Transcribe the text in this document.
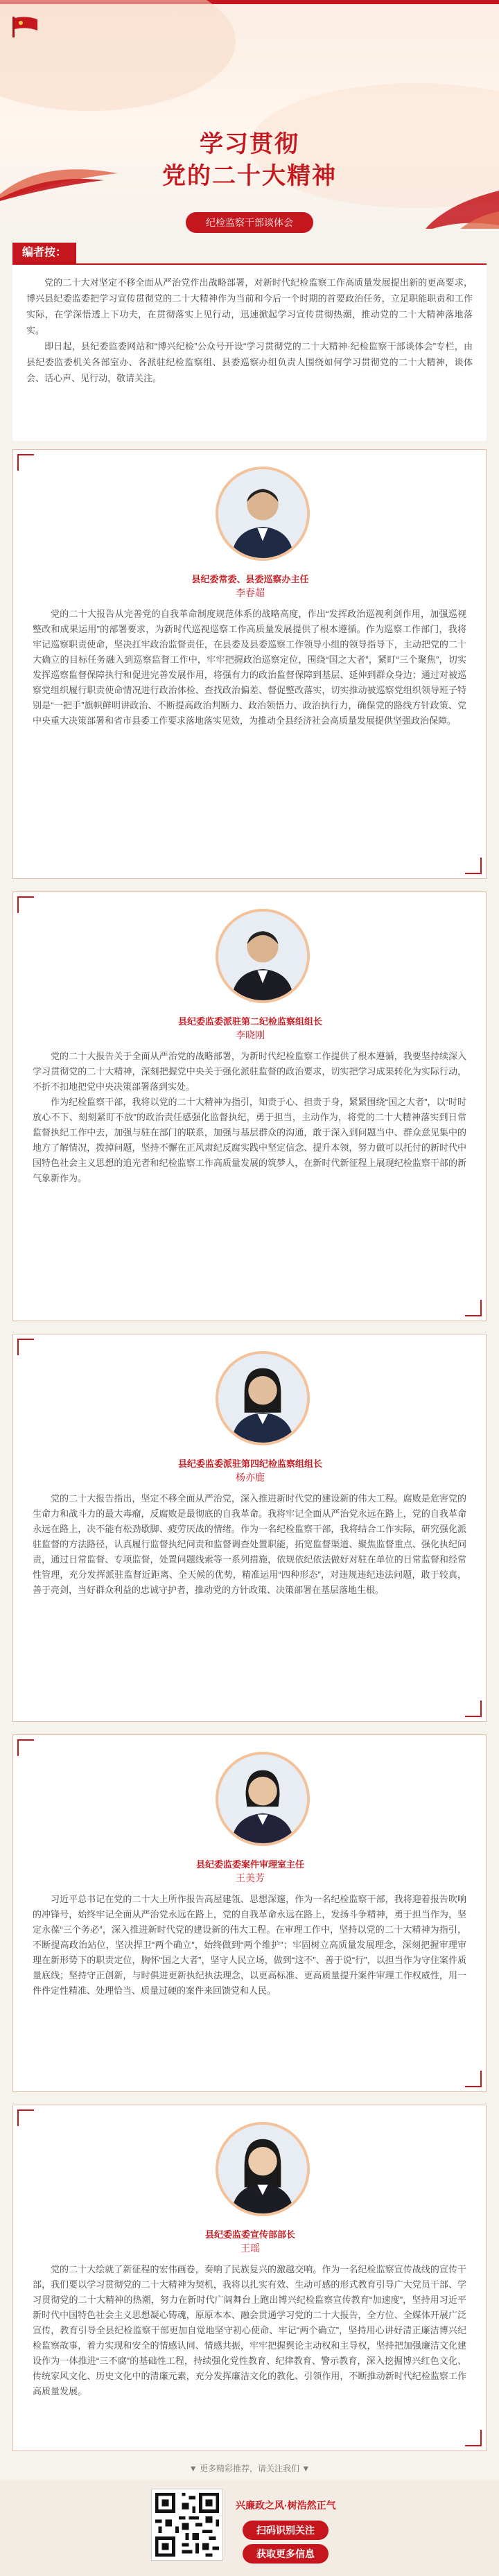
学习贯彻
党的二十大精神
纪检监察干部谈体会
编者按：

党的二十大对坚定不移全面从严治党作出战略部署，对新时代纪检监察工作高质量发展提出新的更高要求，博兴县纪委监委把学习宣传贯彻党的二十大精神作为当前和今后一个时期的首要政治任务，立足职能职责和工作实际，在学深悟透上下功夫，在贯彻落实上见行动，迅速掀起学习宣传贯彻热潮，推动党的二十大精神落地落实。

即日起，县纪委监委网站和“博兴纪检”公众号开设“学习贯彻党的二十大精神·纪检监察干部谈体会”专栏，由县纪委监委机关各部室办、各派驻纪检监察组、县委巡察办组负责人围绕如何学习贯彻党的二十大精神，谈体会、话心声、见行动，敬请关注。

县纪委常委、县委巡察办主任
李春超

党的二十大报告从完善党的自我革命制度规范体系的战略高度，作出“发挥政治巡视利剑作用，加强巡视整改和成果运用”的部署要求，为新时代巡视巡察工作高质量发展提供了根本遵循。作为巡察工作部门，我将牢记巡察职责使命，坚决扛牢政治监督责任，在县委及县委巡察工作领导小组的领导指导下，主动把党的二十大确立的目标任务融入到巡察监督工作中，牢牢把握政治巡察定位，围绕“国之大者”，紧盯“三个聚焦”，切实发挥巡察监督保障执行和促进完善发展作用，将强有力的政治监督保障到基层、延伸到群众身边；通过对被巡察党组织履行职责使命情况进行政治体检、查找政治偏差、督促整改落实，切实推动被巡察党组织领导班子特别是“一把手”旗帜鲜明讲政治、不断提高政治判断力、政治领悟力、政治执行力，确保党的路线方针政策、党中央重大决策部署和省市县委工作要求落地落实见效，为推动全县经济社会高质量发展提供坚强政治保障。

县纪委监委派驻第二纪检监察组组长
李晓刚

党的二十大报告关于全面从严治党的战略部署，为新时代纪检监察工作提供了根本遵循，我要坚持续深入学习贯彻党的二十大精神，深刻把握党中央关于强化派驻监督的政治要求，切实把学习成果转化为实际行动，不折不扣地把党中央决策部署落到实处。

作为纪检监察干部，我将以党的二十大精神为指引，知责于心、担责于身，紧紧围绕“国之大者”，以“时时放心不下、刻刻紧盯不放”的政治责任感强化监督执纪，勇于担当，主动作为，将党的二十大精神落实到日常监督执纪工作中去，加强与驻在部门的联系，加强与基层群众的沟通，敢于深入到问题当中、群众意见集中的地方了解情况，拨掉问题，坚持不懈在正风肃纪反腐实践中坚定信念、提升本领，努力做可以托付的新时代中国特色社会主义思想的追光者和纪检监察工作高质量发展的筑梦人，在新时代新征程上展现纪检监察干部的新气象新作为。

县纪委监委派驻第四纪检监察组组长
杨亦鹿

党的二十大报告指出，坚定不移全面从严治党，深入推进新时代党的建设新的伟大工程。腐败是危害党的生命力和战斗力的最大毒瘤，反腐败是最彻底的自我革命。我将牢记全面从严治党永远在路上，党的自我革命永远在路上，决不能有松劲歇脚、疲劳厌战的情绪。作为一名纪检监察干部，我将结合工作实际，研究强化派驻监督的方法路径，认真履行监督执纪问责和监督调查处置职能，拓宽监督渠道、聚焦监督重点、强化执纪问责，通过日常监督、专项监督，处置问题线索等一系列措施，依规依纪依法做好对驻在单位的日常监督和经常性管理，充分发挥派驻监督近距离、全天候的优势，精准运用“四种形态”，对违规违纪违法问题，敢于较真，善于亮剑，当好群众利益的忠诚守护者，推动党的方针政策、决策部署在基层落地生根。

县纪委监委案件审理室主任
王美芳

习近平总书记在党的二十大上所作报告高屋建瓴、思想深邃，作为一名纪检监察干部，我将迎着报告吹响的冲锋号，始终牢记全面从严治党永远在路上，党的自我革命永远在路上，发扬斗争精神，勇于担当作为，坚定永葆“三个务必”，深入推进新时代党的建设新的伟大工程。在审理工作中，坚持以党的二十大精神为指引，不断提高政治站位，坚决捍卫“两个确立”，始终做到“两个维护”；牢固树立高质量发展理念，深刻把握审理审理在新形势下的职责定位，胸怀“国之大者”，坚守人民立场，做到“这不”、善于说“行”，以担当作为守住案件质量底线；坚持守正创新，与时俱进更新执纪执法理念，以更高标准、更高质量提升案件审理工作权威性，用一件件定性精准、处理恰当、质量过硬的案件来回馈党和人民。

县纪委监委宣传部部长
王瑶

党的二十大绘就了新征程的宏伟画卷，奏响了民族复兴的激越交响。作为一名纪检监察宣传战线的宣传干部，我们要以学习贯彻党的二十大精神为契机，我将以扎实有效、生动可感的形式教育引导广大党员干部、学习贯彻党的二十大精神的热潮，努力在新时代广阔舞台上跑出博兴纪检监察宣传教育“加速度”，坚持用习近平新时代中国特色社会主义思想凝心铸魂，原原本本、融会贯通学习党的二十大报告，全方位、全媒体开展广泛宣传，教育引导全县纪检监察干部更加自觉地坚守初心使命、牢记“两个确立”，坚持用心讲好清正廉洁博兴纪检监察故事，着力实现和安全的情感认同、情感共振，牢牢把握舆论主动权和主导权，坚持把加强廉洁文化建设作为一体推进“三不腐”的基础性工程，持续强化党性教育、纪律教育、警示教育，深入挖掘博兴红色文化、传统家风文化、历史文化中的清廉元素，充分发挥廉洁文化的教化、引领作用，不断推动新时代纪检监察工作高质量发展。

▼ 更多精彩推荐，请关注我们 ▼
兴廉政之风·树浩然正气
扫码识别关注
获取更多信息
